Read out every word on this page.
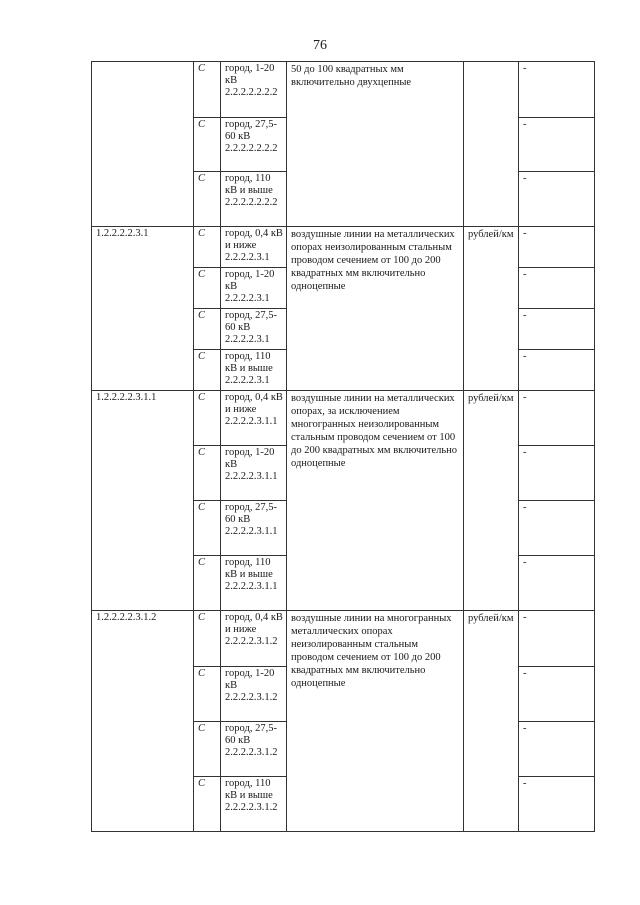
76
	С	город, 1-20 кВ 2.2.2.2.2.2.2	50 до 100 квадратных мм включительно двухцепные		-
	С	город, 27,5-60 кВ 2.2.2.2.2.2.2			-
	С	город, 110 кВ и выше 2.2.2.2.2.2.2			-
1.2.2.2.2.3.1	С	город, 0,4 кВ и ниже 2.2.2.2.3.1	воздушные линии на металлических опорах неизолированным стальным проводом сечением от 100 до 200 квадратных мм включительно одноцепные	рублей/км	-
	С	город, 1-20 кВ 2.2.2.2.3.1			-
	С	город, 27,5-60 кВ 2.2.2.2.3.1			-
	С	город, 110 кВ и выше 2.2.2.2.3.1			-
1.2.2.2.2.3.1.1	С	город, 0,4 кВ и ниже 2.2.2.2.3.1.1	воздушные линии на металлических опорах, за исключением многогранных неизолированным стальным проводом сечением от 100 до 200 квадратных мм включительно одноцепные	рублей/км	-
	С	город, 1-20 кВ 2.2.2.2.3.1.1			-
	С	город, 27,5-60 кВ 2.2.2.2.3.1.1			-
	С	город, 110 кВ и выше 2.2.2.2.3.1.1			-
1.2.2.2.2.3.1.2	С	город, 0,4 кВ и ниже 2.2.2.2.3.1.2	воздушные линии на многогранных металлических опорах неизолированным стальным проводом сечением от 100 до 200 квадратных мм включительно одноцепные	рублей/км	-
	С	город, 1-20 кВ 2.2.2.2.3.1.2			-
	С	город, 27,5-60 кВ 2.2.2.2.3.1.2			-
	С	город, 110 кВ и выше 2.2.2.2.3.1.2			-
